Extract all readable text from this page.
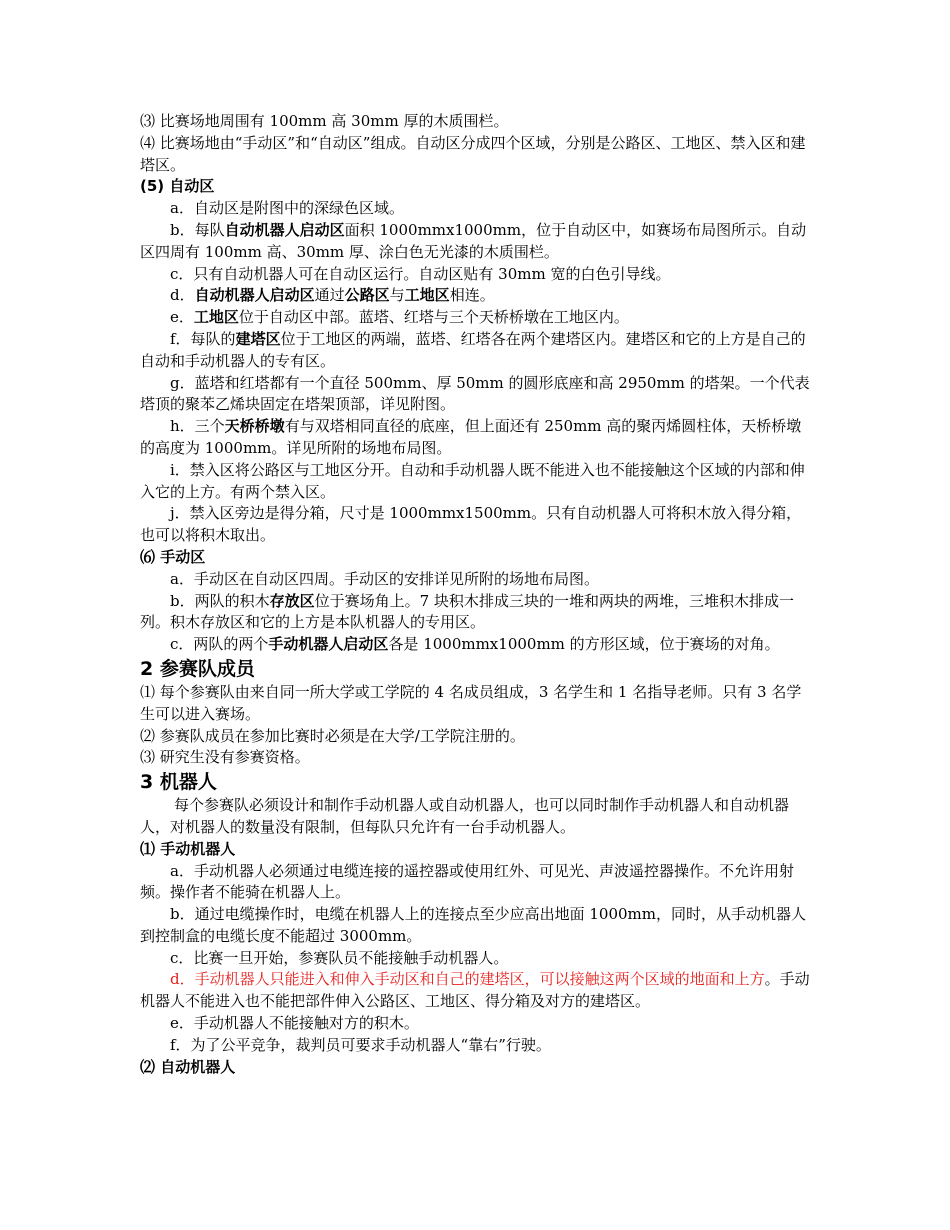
⑶ 比赛场地周围有 100mm 高 30mm 厚的木质围栏。

⑷ 比赛场地由“手动区”和“自动区”组成。自动区分成四个区域，分别是公路区、工地区、禁入区和建塔区。

(5) 自动区

a．自动区是附图中的深绿色区域。

b．每队自动机器人启动区面积 1000mmx1000mm，位于自动区中，如赛场布局图所示。自动区四周有 100mm 高、30mm 厚、涂白色无光漆的木质围栏。

c．只有自动机器人可在自动区运行。自动区贴有 30mm 宽的白色引导线。

d．自动机器人启动区通过公路区与工地区相连。

e．工地区位于自动区中部。蓝塔、红塔与三个天桥桥墩在工地区内。

f．每队的建塔区位于工地区的两端，蓝塔、红塔各在两个建塔区内。建塔区和它的上方是自己的自动和手动机器人的专有区。

g．蓝塔和红塔都有一个直径 500mm、厚 50mm 的圆形底座和高 2950mm 的塔架。一个代表塔顶的聚苯乙烯块固定在塔架顶部，详见附图。

h．三个天桥桥墩有与双塔相同直径的底座，但上面还有 250mm 高的聚丙烯圆柱体，天桥桥墩的高度为 1000mm。详见所附的场地布局图。

i．禁入区将公路区与工地区分开。自动和手动机器人既不能进入也不能接触这个区域的内部和伸入它的上方。有两个禁入区。

j．禁入区旁边是得分箱，尺寸是 1000mmx1500mm。只有自动机器人可将积木放入得分箱，也可以将积木取出。

⑹ 手动区

a．手动区在自动区四周。手动区的安排详见所附的场地布局图。

b．两队的积木存放区位于赛场角上。7 块积木排成三块的一堆和两块的两堆，三堆积木排成一列。积木存放区和它的上方是本队机器人的专用区。

c．两队的两个手动机器人启动区各是 1000mmx1000mm 的方形区域，位于赛场的对角。

2 参赛队成员

⑴ 每个参赛队由来自同一所大学或工学院的 4 名成员组成，3 名学生和 1 名指导老师。只有 3 名学生可以进入赛场。

⑵ 参赛队成员在参加比赛时必须是在大学/工学院注册的。

⑶ 研究生没有参赛资格。

3 机器人

每个参赛队必须设计和制作手动机器人或自动机器人，也可以同时制作手动机器人和自动机器人，对机器人的数量没有限制，但每队只允许有一台手动机器人。

⑴ 手动机器人

a．手动机器人必须通过电缆连接的遥控器或使用红外、可见光、声波遥控器操作。不允许用射频。操作者不能骑在机器人上。

b．通过电缆操作时，电缆在机器人上的连接点至少应高出地面 1000mm，同时，从手动机器人到控制盒的电缆长度不能超过 3000mm。

c．比赛一旦开始，参赛队员不能接触手动机器人。

d．手动机器人只能进入和伸入手动区和自己的建塔区，可以接触这两个区域的地面和上方。手动机器人不能进入也不能把部件伸入公路区、工地区、得分箱及对方的建塔区。

e．手动机器人不能接触对方的积木。

f．为了公平竞争，裁判员可要求手动机器人“靠右”行驶。

⑵ 自动机器人
